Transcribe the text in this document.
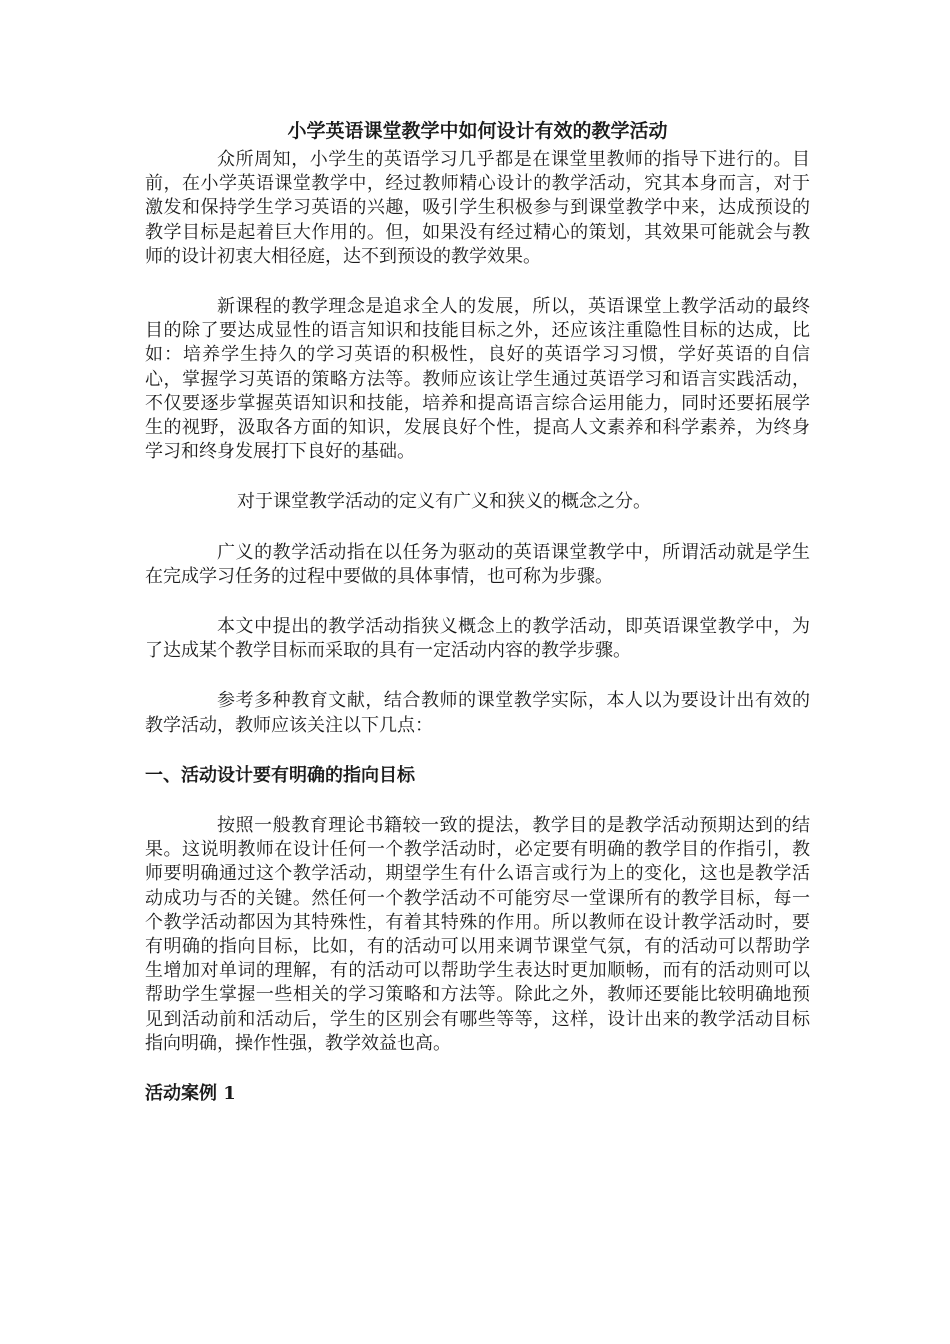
小学英语课堂教学中如何设计有效的教学活动

众所周知，小学生的英语学习几乎都是在课堂里教师的指导下进行的。目前，在小学英语课堂教学中，经过教师精心设计的教学活动，究其本身而言，对于激发和保持学生学习英语的兴趣，吸引学生积极参与到课堂教学中来，达成预设的教学目标是起着巨大作用的。但，如果没有经过精心的策划，其效果可能就会与教师的设计初衷大相径庭，达不到预设的教学效果。

新课程的教学理念是追求全人的发展，所以，英语课堂上教学活动的最终目的除了要达成显性的语言知识和技能目标之外，还应该注重隐性目标的达成，比如：培养学生持久的学习英语的积极性，良好的英语学习习惯，学好英语的自信心，掌握学习英语的策略方法等。教师应该让学生通过英语学习和语言实践活动，不仅要逐步掌握英语知识和技能，培养和提高语言综合运用能力，同时还要拓展学生的视野，汲取各方面的知识，发展良好个性，提高人文素养和科学素养，为终身学习和终身发展打下良好的基础。

对于课堂教学活动的定义有广义和狭义的概念之分。

广义的教学活动指在以任务为驱动的英语课堂教学中，所谓活动就是学生在完成学习任务的过程中要做的具体事情，也可称为步骤。

本文中提出的教学活动指狭义概念上的教学活动，即英语课堂教学中，为了达成某个教学目标而采取的具有一定活动内容的教学步骤。

参考多种教育文献，结合教师的课堂教学实际，本人以为要设计出有效的教学活动，教师应该关注以下几点：

一、活动设计要有明确的指向目标

按照一般教育理论书籍较一致的提法，教学目的是教学活动预期达到的结果。这说明教师在设计任何一个教学活动时，必定要有明确的教学目的作指引，教师要明确通过这个教学活动，期望学生有什么语言或行为上的变化，这也是教学活动成功与否的关键。然任何一个教学活动不可能穷尽一堂课所有的教学目标，每一个教学活动都因为其特殊性，有着其特殊的作用。所以教师在设计教学活动时，要有明确的指向目标，比如，有的活动可以用来调节课堂气氛，有的活动可以帮助学生增加对单词的理解，有的活动可以帮助学生表达时更加顺畅，而有的活动则可以帮助学生掌握一些相关的学习策略和方法等。除此之外，教师还要能比较明确地预见到活动前和活动后，学生的区别会有哪些等等，这样，设计出来的教学活动目标指向明确，操作性强，教学效益也高。

活动案例 1
